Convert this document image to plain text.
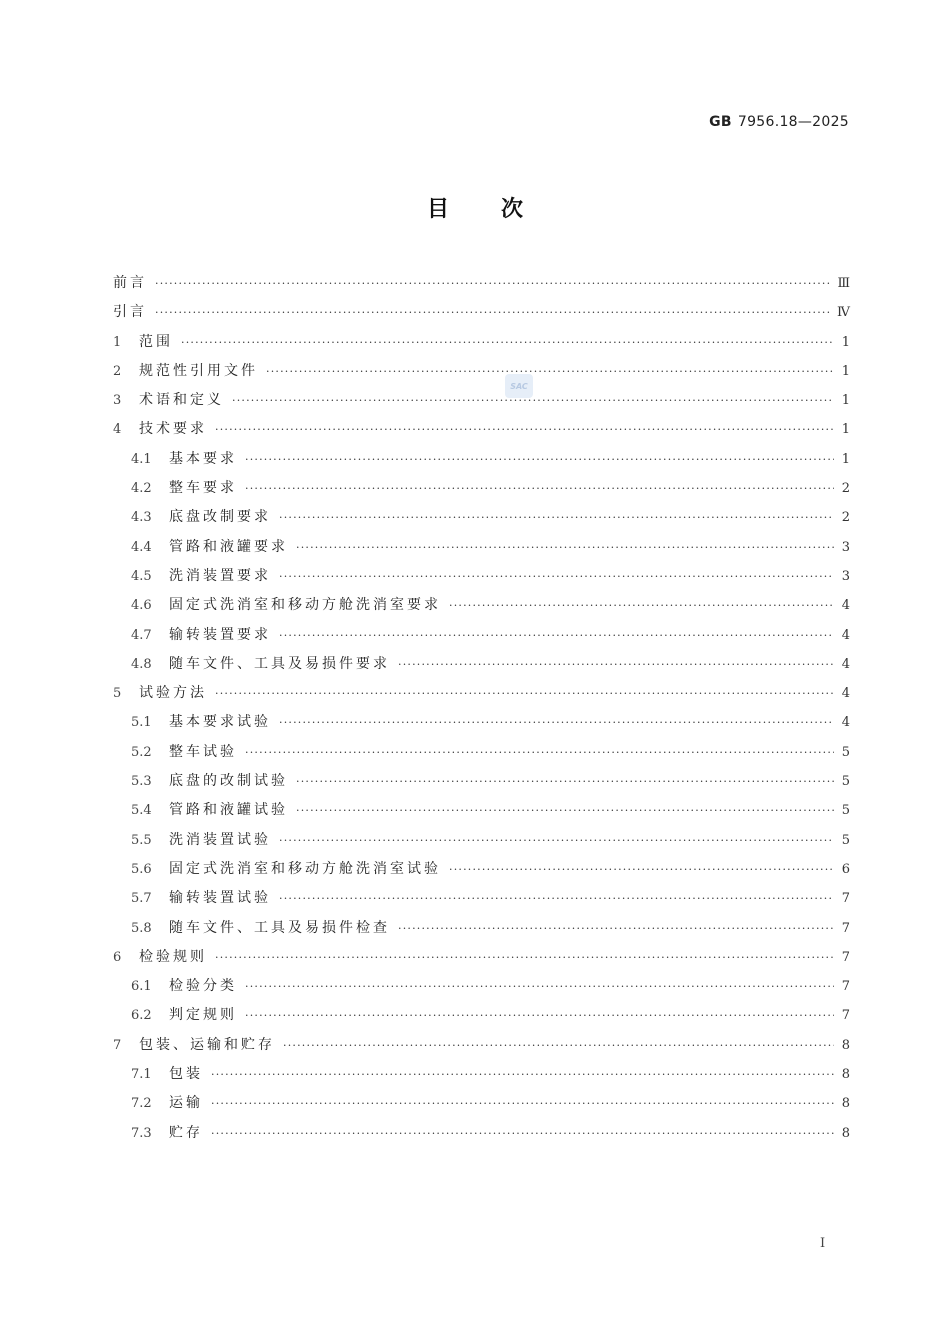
GB 7956.18—2025
目次
SAC
前言 ·····	Ⅲ
引言 ·····	Ⅳ
1	范围 ·····	1
2	规范性引用文件 ·····	1
3	术语和定义 ·····	1
4	技术要求 ·····	1
4.1	基本要求 ·····	1
4.2	整车要求 ·····	2
4.3	底盘改制要求 ·····	2
4.4	管路和液罐要求 ·····	3
4.5	洗消装置要求 ·····	3
4.6	固定式洗消室和移动方舱洗消室要求 ·····	4
4.7	输转装置要求 ·····	4
4.8	随车文件、工具及易损件要求 ·····	4
5	试验方法 ·····	4
5.1	基本要求试验 ·····	4
5.2	整车试验 ·····	5
5.3	底盘的改制试验 ·····	5
5.4	管路和液罐试验 ·····	5
5.5	洗消装置试验 ·····	5
5.6	固定式洗消室和移动方舱洗消室试验 ·····	6
5.7	输转装置试验 ·····	7
5.8	随车文件、工具及易损件检查 ·····	7
6	检验规则 ·····	7
6.1	检验分类 ·····	7
6.2	判定规则 ·····	7
7	包装、运输和贮存 ·····	8
7.1	包装 ·····	8
7.2	运输 ·····	8
7.3	贮存 ·····	8
I
